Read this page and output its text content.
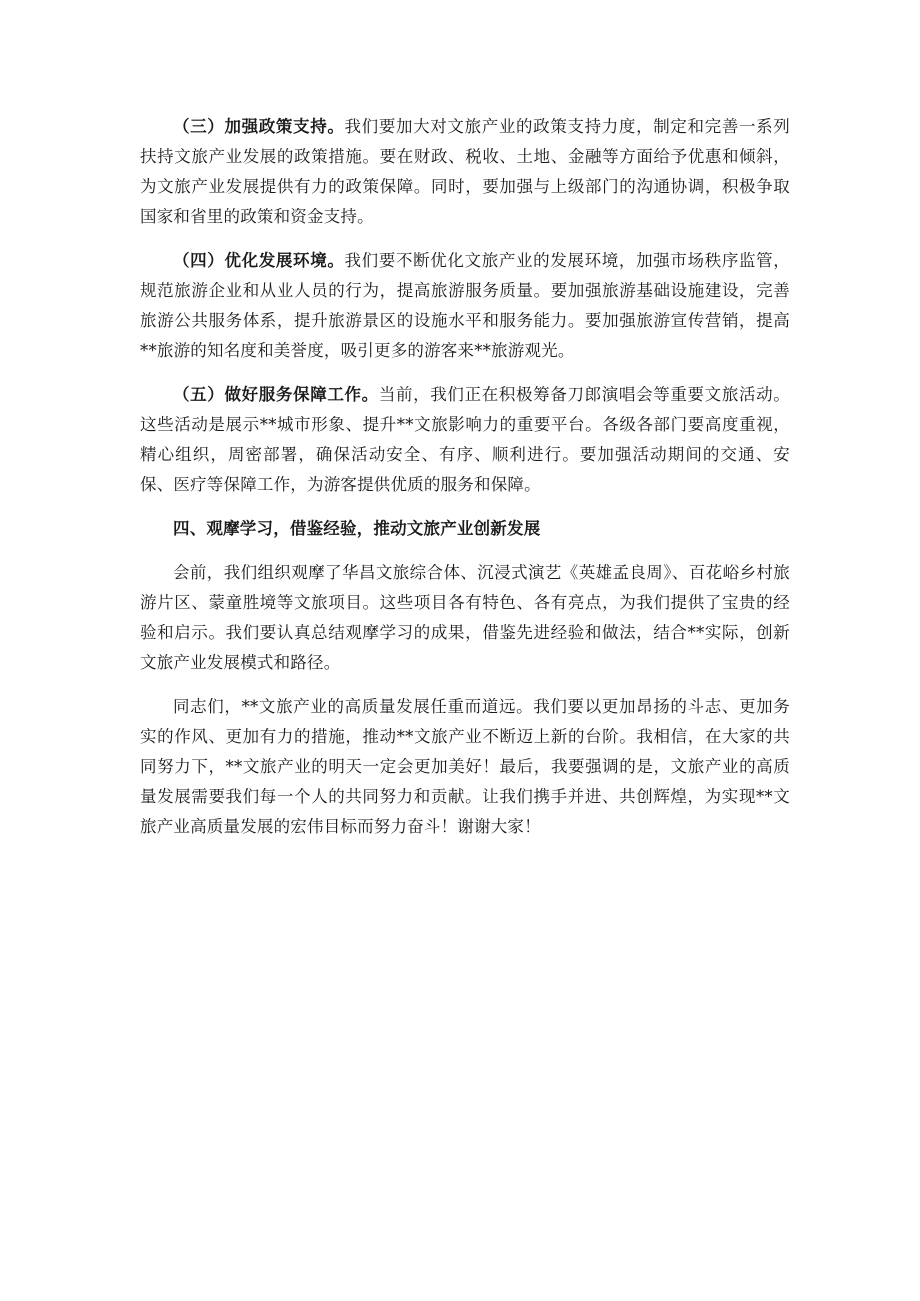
（三）加强政策支持。我们要加大对文旅产业的政策支持力度，制定和完善一系列扶持文旅产业发展的政策措施。要在财政、税收、土地、金融等方面给予优惠和倾斜，为文旅产业发展提供有力的政策保障。同时，要加强与上级部门的沟通协调，积极争取国家和省里的政策和资金支持。

（四）优化发展环境。我们要不断优化文旅产业的发展环境，加强市场秩序监管，规范旅游企业和从业人员的行为，提高旅游服务质量。要加强旅游基础设施建设，完善旅游公共服务体系，提升旅游景区的设施水平和服务能力。要加强旅游宣传营销，提高**旅游的知名度和美誉度，吸引更多的游客来**旅游观光。

（五）做好服务保障工作。当前，我们正在积极筹备刀郎演唱会等重要文旅活动。这些活动是展示**城市形象、提升**文旅影响力的重要平台。各级各部门要高度重视，精心组织，周密部署，确保活动安全、有序、顺利进行。要加强活动期间的交通、安保、医疗等保障工作，为游客提供优质的服务和保障。

四、观摩学习，借鉴经验，推动文旅产业创新发展

会前，我们组织观摩了华昌文旅综合体、沉浸式演艺《英雄孟良周》、百花峪乡村旅游片区、蒙童胜境等文旅项目。这些项目各有特色、各有亮点，为我们提供了宝贵的经验和启示。我们要认真总结观摩学习的成果，借鉴先进经验和做法，结合**实际，创新文旅产业发展模式和路径。

同志们，**文旅产业的高质量发展任重而道远。我们要以更加昂扬的斗志、更加务实的作风、更加有力的措施，推动**文旅产业不断迈上新的台阶。我相信，在大家的共同努力下，**文旅产业的明天一定会更加美好！最后，我要强调的是，文旅产业的高质量发展需要我们每一个人的共同努力和贡献。让我们携手并进、共创辉煌，为实现**文旅产业高质量发展的宏伟目标而努力奋斗！谢谢大家！
